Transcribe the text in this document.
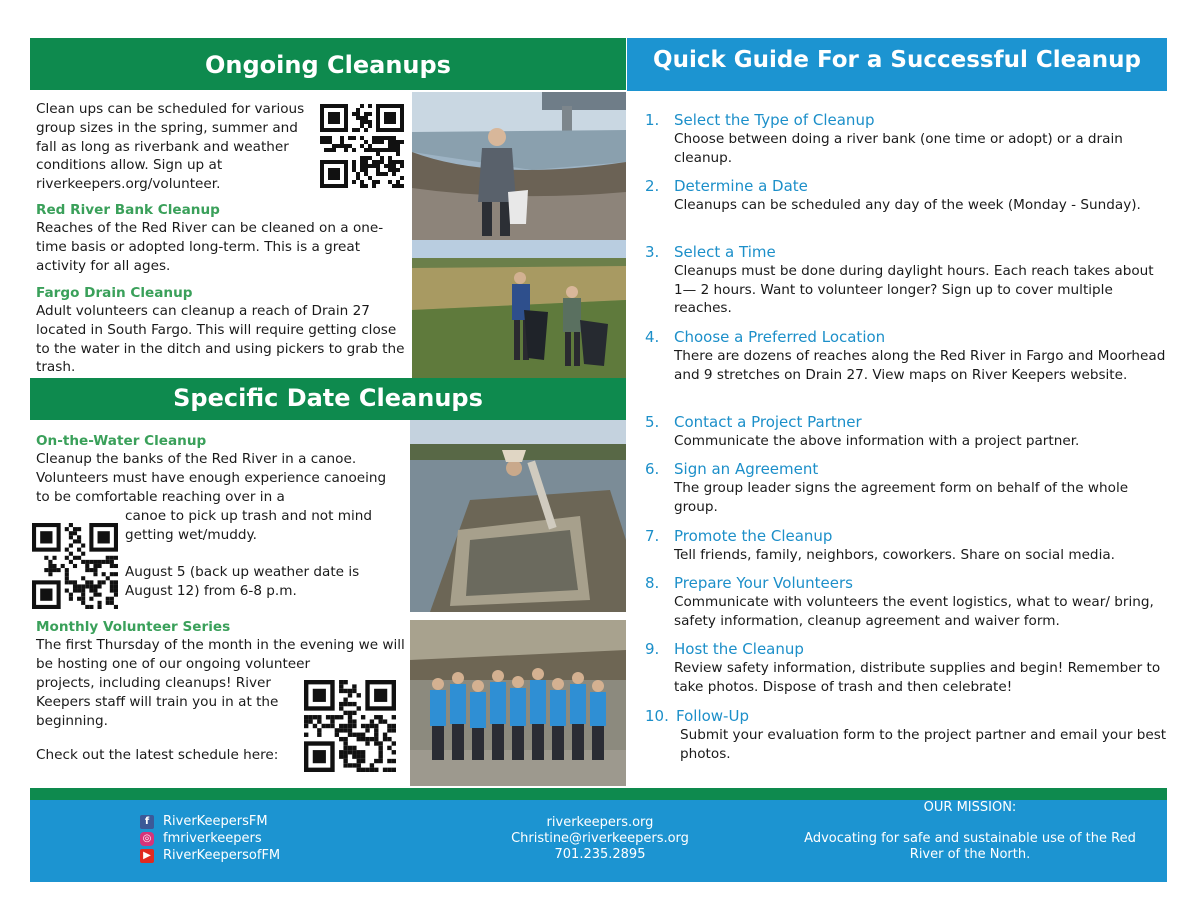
Ongoing Cleanups
Clean ups can be scheduled for various group sizes in the spring, summer and fall as long as riverbank and weather conditions allow. Sign up at riverkeepers.org/volunteer.
Red River Bank Cleanup
Reaches of the Red River can be cleaned on a one-time basis or adopted long-term. This is a great activity for all ages.
Fargo Drain Cleanup
Adult volunteers can cleanup a reach of Drain 27 located in South Fargo. This will require getting close to the water in the ditch and using pickers to grab the trash.
Specific Date Cleanups
On-the-Water Cleanup
Cleanup the banks of the Red River in a canoe. Volunteers must have enough experience canoeing to be comfortable reaching over in a
canoe to pick up trash and not mind getting wet/muddy.
August 5 (back up weather date is August 12) from 6-8 p.m.
Monthly Volunteer Series
The first Thursday of the month in the evening we will be hosting one of our ongoing volunteer
projects, including cleanups! River Keepers staff will train you in at the beginning.
Check out the latest schedule here:
Quick Guide For a Successful Cleanup
1. Select the Type of Cleanup
Choose between doing a river bank (one time or adopt) or a drain cleanup.
2. Determine a Date
Cleanups can be scheduled any day of the week (Monday - Sunday).
3. Select a Time
Cleanups must be done during daylight hours. Each reach takes about 1— 2 hours. Want to volunteer longer? Sign up to cover multiple reaches.
4. Choose a Preferred Location
There are dozens of reaches along the Red River in Fargo and Moorhead and 9 stretches on Drain 27. View maps on River Keepers website.
5. Contact a Project Partner
Communicate the above information with a project partner.
6. Sign an Agreement
The group leader signs the agreement form on behalf of the whole group.
7. Promote the Cleanup
Tell friends, family, neighbors, coworkers. Share on social media.
8. Prepare Your Volunteers
Communicate with volunteers the event logistics, what to wear/ bring, safety information, cleanup agreement and waiver form.
9. Host the Cleanup
Review safety information, distribute supplies and begin! Remember to take photos. Dispose of trash and then celebrate!
10. Follow-Up
Submit your evaluation form to the project partner and email your best photos.
f	RiverKeepersFM
◎ fmriverkeepers
▶ RiverKeepersofFM
riverkeepers.org
Christine@riverkeepers.org
701.235.2895
OUR MISSION:
Advocating for safe and sustainable use of the Red River of the North.
